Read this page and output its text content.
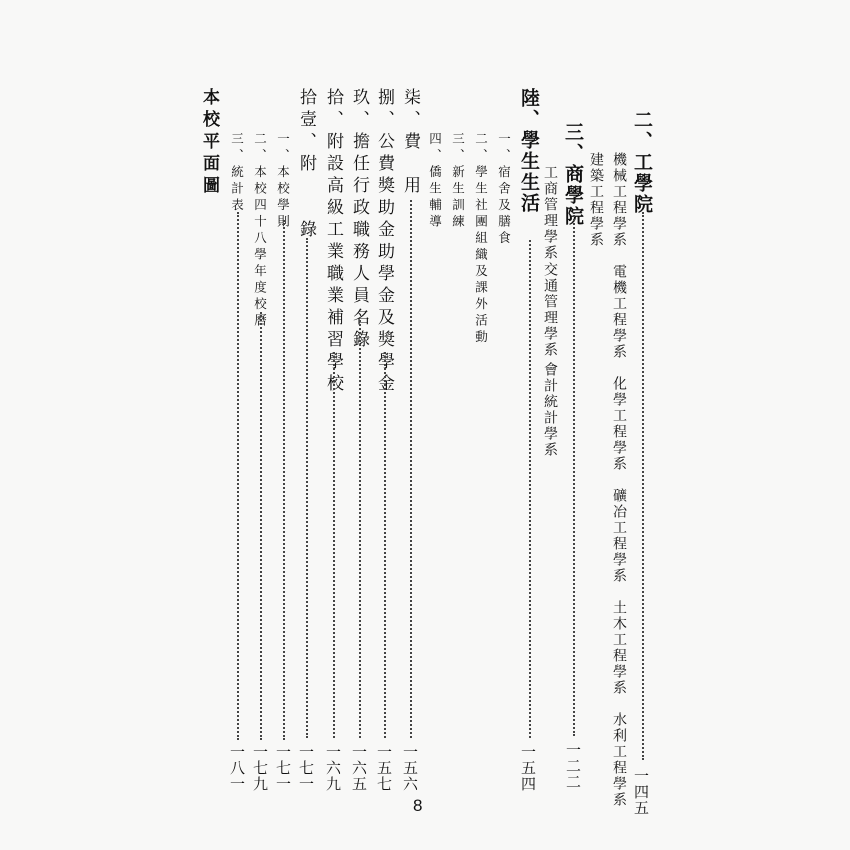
二、工學院
一四五
機械工程學系　電機工程學系　化學工程學系　礦冶工程學系　土木工程學系　水利工程學系
建築工程學系
三、商學院
一二二
工商管理學系
交通管理學系
會計統計學系
陸、學生生活
一五四
一、宿舍及膳食
二、學生社團組織及課外活動
三、新生訓練
四、僑生輔導
柒、費　用
一五六
捌、公費獎助金助學金及獎學金
一五七
玖、擔任行政職務人員名錄
一六五
拾、附設高級工業職業補習學校
一六九
拾壹、附　　錄
一七一
一、本校學則
一七一
二、本校四十八學年度校曆
一七九
三、統計表
一八一
本校平面圖
8
